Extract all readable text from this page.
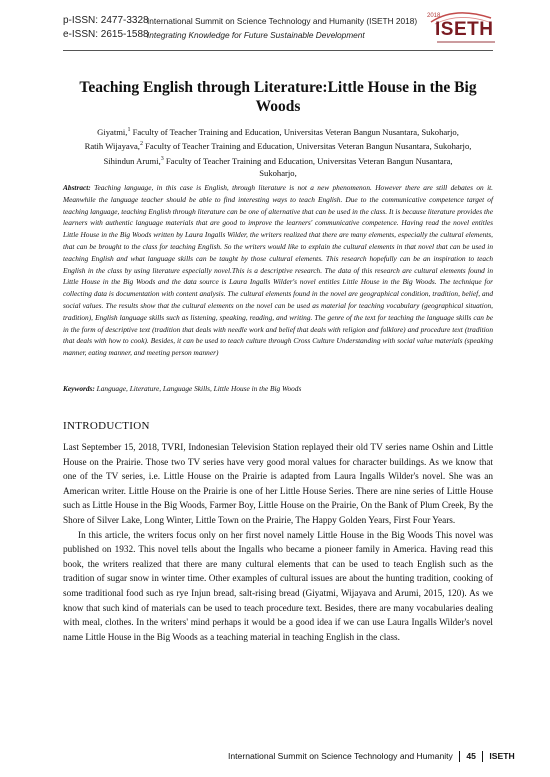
p-ISSN: 2477-3328
e-ISSN: 2615-1588
International Summit on Science Technology and Humanity (ISETH 2018)
Integrating Knowledge for Future Sustainable Development
2018
ISETH
Teaching English through Literature:Little House in the Big Woods
Giyatmi,$^1$ Faculty of Teacher Training and Education, Universitas Veteran Bangun Nusantara, Sukoharjo,
Ratih Wijayava,$^2$ Faculty of Teacher Training and Education, Universitas Veteran Bangun Nusantara, Sukoharjo,
Sihindun Arumi,$^3$ Faculty of Teacher Training and Education, Universitas Veteran Bangun Nusantara,
Sukoharjo,
Abstract: Teaching language, in this case is English, through literature is not a new phenomenon. However there are still debates on it. Meanwhile the language teacher should be able to find interesting ways to teach English. Due to the communicative competence target of teaching language, teaching English through literature can be one of alternative that can be used in the class. It is because literature provides the learners with authentic language materials that are good to improve the learners' communicative competence. Having read the novel entitles Little House in the Big Woods written by Laura Ingalls Wilder, the writers realized that there are many elements, especially the cultural elements, that can be brought to the class for teaching English. So the writers would like to explain the cultural elements in that novel that can be used in teaching English and what language skills can be taught by those cultural elements. This research hopefully can be an inspiration to teach English in the class by using literature especially novel.This is a descriptive research. The data of this research are cultural elements found in Little House in the Big Woods and the data source is Laura Ingalls Wilder's novel entitles Little House in the Big Woods. The technique for collecting data is documentation with content analysis. The cultural elements found in the novel are geographical condition, tradition, belief, and social values. The results show that the cultural elements on the novel can be used as material for teaching vocabulary (geographical situation, tradition), English language skills such as listening, speaking, reading, and writing. The genre of the text for teaching the language skills can be in the form of descriptive text (tradition that deals with needle work and belief that deals with religion and folklore) and procedure text (tradition that deals with how to cook). Besides, it can be used to teach culture through Cross Culture Understanding with social value materials (speaking manner, eating manner, and meeting person manner)
Keywords: Language, Literature, Language Skills, Little House in the Big Woods
INTRODUCTION

Last September 15, 2018, TVRI, Indonesian Television Station replayed their old TV series name Oshin and Little House on the Prairie. Those two TV series have very good moral values for character buildings. As we know that one of the TV series, i.e. Little House on the Prairie is adapted from Laura Ingalls Wilder's novel. She was an American writer. Little House on the Prairie is one of her Little House Series. There are nine series of Little House such as Little House in the Big Woods, Farmer Boy, Little House on the Prairie, On the Bank of Plum Creek, By the Shore of Silver Lake, Long Winter, Little Town on the Prairie, The Happy Golden Years, First Four Years.

In this article, the writers focus only on her first novel namely Little House in the Big Woods This novel was published on 1932. This novel tells about the Ingalls who became a pioneer family in America. Having read this book, the writers realized that there are many cultural elements that can be used to teach English such as the tradition of sugar snow in winter time. Other examples of cultural issues are about the hunting tradition, cooking of some traditional food such as rye Injun bread, salt-rising bread (Giyatmi, Wijayava and Arumi, 2015, 120). As we know that such kind of materials can be used to teach procedure text. Besides, there are many vocabularies dealing with meal, clothes. In the writers' mind perhaps it would be a good idea if we can use Laura Ingalls Wilder's novel name Little House in the Big Woods as a teaching material in teaching English in the class.

International Summit on Science Technology and Humanity 45 ISETH
